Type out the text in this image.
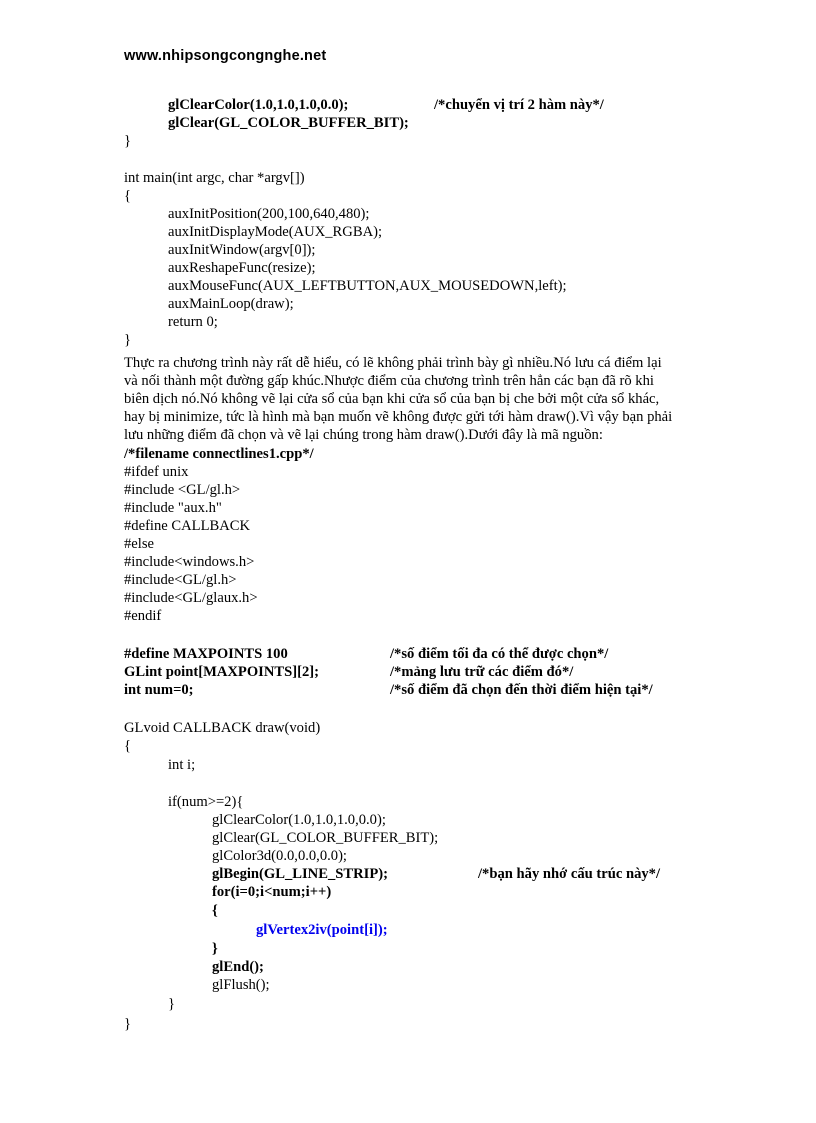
www.nhipsongcongnghe.net
glClearColor(1.0,1.0,1.0,0.0);	/*chuyển vị trí 2 hàm này*/
glClear(GL_COLOR_BUFFER_BIT);
}
int main(int argc, char *argv[])
{
auxInitPosition(200,100,640,480);
auxInitDisplayMode(AUX_RGBA);
auxInitWindow(argv[0]);
auxReshapeFunc(resize);
auxMouseFunc(AUX_LEFTBUTTON,AUX_MOUSEDOWN,left);
auxMainLoop(draw);
return 0;
}
Thực ra chương trình này rất dễ hiểu, có lẽ không phải trình bày gì nhiều.Nó lưu cá điểm lại
và nối thành một đường gấp khúc.Nhược điểm của chương trình trên hẳn các bạn đã rõ khi
biên dịch nó.Nó không vẽ lại cửa sổ của bạn khi cửa sổ của bạn bị che bởi một cửa sổ khác,
hay bị minimize, tức là hình mà bạn muốn vẽ không được gửi tới hàm draw().Vì vậy bạn phải
lưu những điểm đã chọn và vẽ lại chúng trong hàm draw().Dưới đây là mã nguồn:
/*filename connectlines1.cpp*/
#ifdef unix
#include <GL/gl.h>
#include "aux.h"
#define CALLBACK
#else
#include<windows.h>
#include<GL/gl.h>
#include<GL/glaux.h>
#endif
#define MAXPOINTS 100	/*số điểm tối đa có thể được chọn*/
GLint point[MAXPOINTS][2];	/*mảng lưu trữ các điểm đó*/
int num=0;	/*số điểm đã chọn đến thời điểm hiện tại*/
GLvoid CALLBACK draw(void)
{
int i;
if(num>=2){
glClearColor(1.0,1.0,1.0,0.0);
glClear(GL_COLOR_BUFFER_BIT);
glColor3d(0.0,0.0,0.0);
glBegin(GL_LINE_STRIP);	/*bạn hãy nhớ cấu trúc này*/
for(i=0;i<num;i++)
{
glVertex2iv(point[i]);
}
glEnd();
glFlush();
}
}
